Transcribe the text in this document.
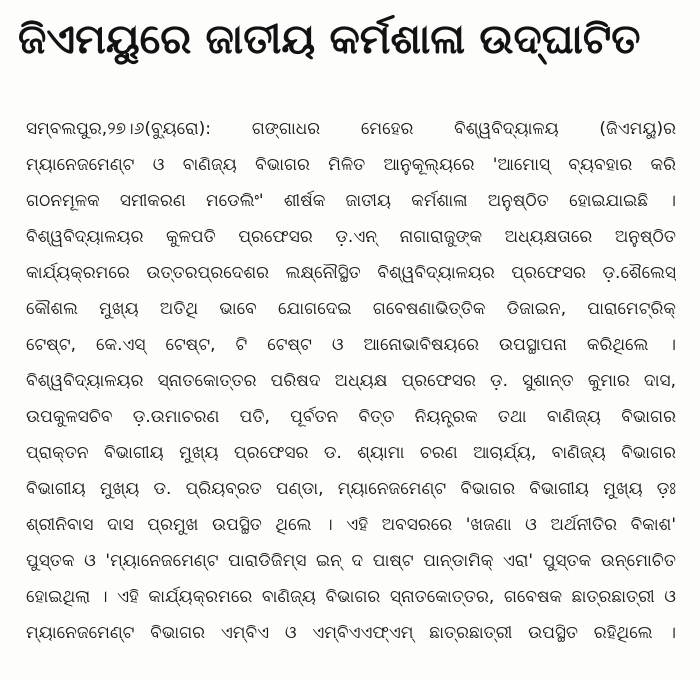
ଜିଏମୟୁରେ ଜାତୀୟ କର୍ମଶାଳା ଉଦ୍‌ଘାଟିତ
ସମ୍ବଲପୁର,୨୭।୬(ବ୍ୟୁରୋ): ଗଙ୍ଗାଧର ମେହେର ବିଶ୍ୱବିଦ୍ୟାଳୟ (ଜିଏମୟୁ)ର
ମ୍ୟାନେଜମେଣ୍ଟ ଓ ବାଣିଜ୍ୟ ବିଭାଗର ମିଳିତ ଆନୁକୂଲ୍ୟରେ 'ଆମୋସ୍ ବ୍ୟବହାର କରି
ଗଠନମୂଳକ ସମୀକରଣ ମଡେଲିଂ' ଶୀର୍ଷକ ଜାତୀୟ କର୍ମଶାଳା ଅନୁଷ୍ଠିତ ହୋଇଯାଇଛି ।
ବିଶ୍ୱବିଦ୍ୟାଳୟର କୁଳପତି ପ୍ରଫେସର ଡ଼.ଏନ୍ ନାଗାରାଜୁଙ୍କ ଅଧ୍ୟକ୍ଷତାରେ ଅନୁଷ୍ଠିତ
କାର୍ଯ୍ୟକ୍ରମରେ ଉତ୍ତରପ୍ରଦେଶର ଲକ୍ଷ୍ନୌସ୍ଥିତ ବିଶ୍ୱବିଦ୍ୟାଳୟର ପ୍ରଫେସର ଡ଼.ଶୈଲେସ୍
କୌଶଲ ମୁଖ୍ୟ ଅତିଥି ଭାବେ ଯୋଗଦେଇ ଗବେଷଣାଭିତ୍ତିକ ଡିଜାଇନ, ପାରାମେଟ୍ରିକ୍
ଟେଷ୍ଟ, କେ.ଏସ୍ ଟେଷ୍ଟ, ଟି ଟେଷ୍ଟ ଓ ଆନୋଭାବିଷୟରେ ଉପସ୍ଥାପନା କରିଥିଲେ ।
ବିଶ୍ୱବିଦ୍ୟାଳୟର ସ୍ନାତକୋତ୍ତର ପରିଷଦ ଅଧ୍ୟକ୍ଷ ପ୍ରଫେସର ଡ଼. ସୁଶାନ୍ତ କୁମାର ଦାସ,
ଉପକୁଳସଚିବ ଡ଼.ଉମାଚରଣ ପତି, ପୂର୍ବତନ ବିତ୍ତ ନିୟନ୍ତ୍ରକ ତଥା ବାଣିଜ୍ୟ ବିଭାଗର
ପ୍ରାକ୍ତନ ବିଭାଗୀୟ ମୁଖ୍ୟ ପ୍ରଫେସର ଡ. ଶ୍ୟାମା ଚରଣ ଆଚାର୍ଯ୍ୟ, ବାଣିଜ୍ୟ ବିଭାଗର
ବିଭାଗୀୟ ମୁଖ୍ୟ ଡ. ପ୍ରିୟବ୍ରତ ପଣ୍ଡା, ମ୍ୟାନେଜମେଣ୍ଟ ବିଭାଗର ବିଭାଗୀୟ ମୁଖ୍ୟ ଡ଼ଃ
ଶ୍ରୀନିବାସ ଦାସ ପ୍ରମୁଖ ଉପସ୍ଥିତ ଥିଲେ । ଏହି ଅବସରରେ 'ଖଜଣା ଓ ଅର୍ଥନୀତିର ବିକାଶ'
ପୁସ୍ତକ ଓ 'ମ୍ୟାନେଜମେଣ୍ଟ ପାରାଡିଜିମ୍‌ସ ଇନ୍ ଦ ପାଷ୍ଟ ପାନ୍‌ଡାମିକ୍ ଏରା' ପୁସ୍ତକ ଉନ୍ମୋଚିତ
ହୋଇଥିଲା । ଏହି କାର୍ଯ୍ୟକ୍ରମରେ ବାଣିଜ୍ୟ ବିଭାଗର ସ୍ନାତକୋତ୍ତର, ଗବେଷକ ଛାତ୍ରଛାତ୍ରୀ ଓ
ମ୍ୟାନେଜମେଣ୍ଟ ବିଭାଗର ଏମ୍‌ବିଏ ଓ ଏମ୍‌ବିଏଏଫ୍‌ଏମ୍ ଛାତ୍ରଛାତ୍ରୀ ଉପସ୍ଥିତ ରହିଥିଲେ ।
